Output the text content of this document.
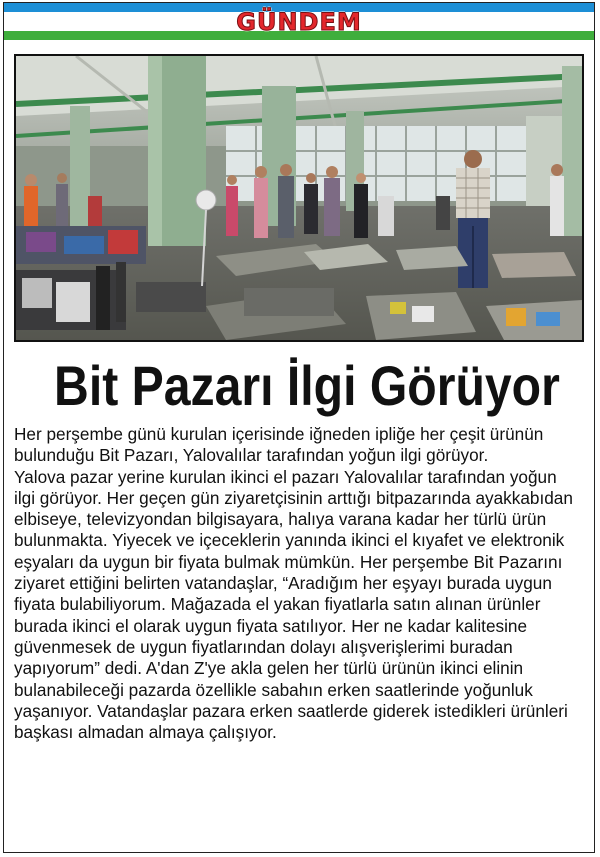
GÜNDEM
Bit Pazarı İlgi Görüyor

Her perşembe günü kurulan içerisinde iğneden ipliğe her çeşit ürünün bulunduğu Bit Pazarı, Yalovalılar tarafından yoğun ilgi görüyor.

Yalova pazar yerine kurulan ikinci el pazarı Yalovalılar tarafından yoğun ilgi görüyor. Her geçen gün ziyaretçisinin arttığı bitpazarında ayakkabıdan elbiseye, televizyondan bilgisayara, halıya varana kadar her türlü ürün bulunmakta. Yiyecek ve içeceklerin yanında ikinci el kıyafet ve elektronik eşyaları da uygun bir fiyata bulmak mümkün. Her perşembe Bit Pazarını ziyaret ettiğini belirten vatandaşlar, “Aradığım her eşyayı burada uygun fiyata bulabiliyorum. Mağazada el yakan fiyatlarla satın alınan ürünler burada ikinci el olarak uygun fiyata satılıyor. Her ne kadar kalitesine güvenmesek de uygun fiyatlarından dolayı alışverişlerimi buradan yapıyorum” dedi. A'dan Z'ye akla gelen her türlü ürünün ikinci elinin bulanabileceği pazarda özellikle sabahın erken saatlerinde yoğunluk yaşanıyor. Vatandaşlar pazara erken saatlerde giderek istedikleri ürünleri başkası almadan almaya çalışıyor.
